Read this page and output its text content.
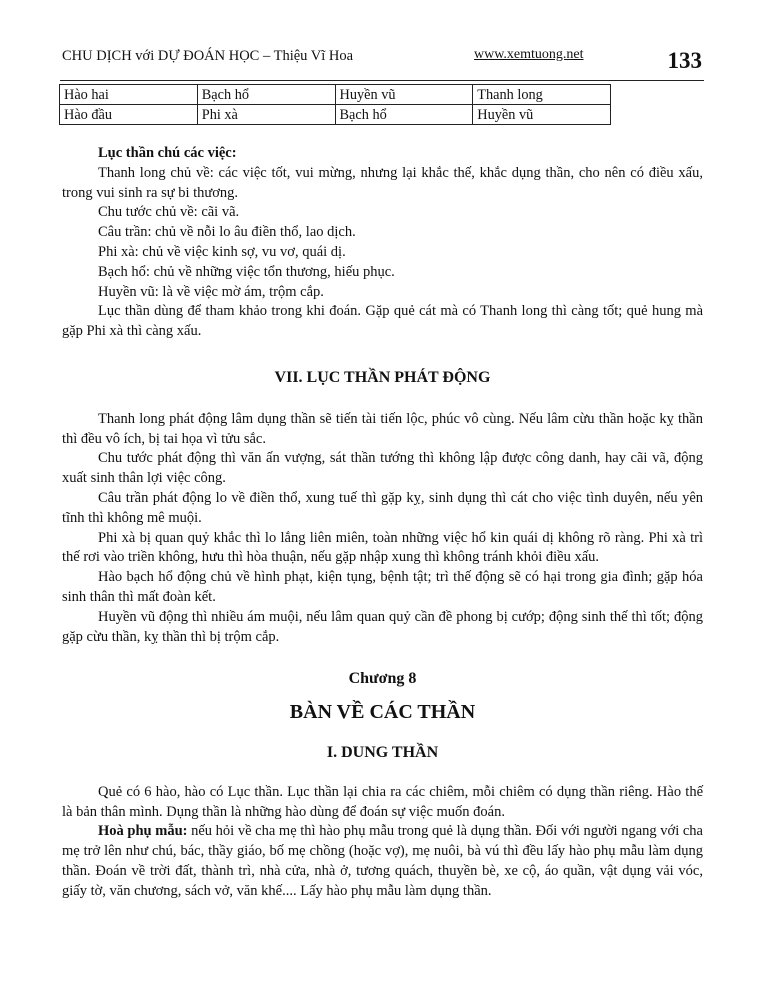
CHU DỊCH với DỰ ĐOÁN HỌC – Thiệu Vĩ Hoa	www.xemtuong.net	133
Hào hai	Bạch hổ	Huyền vũ	Thanh long
Hào đầu	Phi xà	Bạch hổ	Huyền vũ

Lục thần chú các việc:

Thanh long chủ về: các việc tốt, vui mừng, nhưng lại khắc thế, khắc dụng thần, cho nên có điều xấu, trong vui sinh ra sự bi thương.

Chu tước chủ về: cãi vã.

Câu trần: chủ về nỗi lo âu điền thổ, lao dịch.

Phi xà: chủ về việc kinh sợ, vu vơ, quái dị.

Bạch hổ: chủ về những việc tổn thương, hiếu phục.

Huyền vũ: là về việc mờ ám, trộm cắp.

Lục thần dùng để tham khảo trong khi đoán. Gặp quẻ cát mà có Thanh long thì càng tốt; quẻ hung mà gặp Phi xà thì càng xấu.

VII. LỤC THẦN PHÁT ĐỘNG

Thanh long phát động lâm dụng thần sẽ tiến tài tiến lộc, phúc vô cùng. Nếu lâm cừu thần hoặc kỵ thần thì đều vô ích, bị tai họa vì tửu sắc.

Chu tước phát động thì văn ấn vượng, sát thần tướng thì không lập được công danh, hay cãi vã, động xuất sinh thân lợi việc công.

Câu trần phát động lo về điền thổ, xung tuế thì gặp kỵ, sinh dụng thì cát cho việc tình duyên, nếu yên tĩnh thì không mê muội.

Phi xà bị quan quỷ khắc thì lo lắng liên miên, toàn những việc hổ kin quái dị không rõ ràng. Phi xà trì thế rơi vào triền không, hưu thì hòa thuận, nếu gặp nhập xung thì không tránh khỏi điều xấu.

Hào bạch hổ động chủ về hình phạt, kiện tụng, bệnh tật; trì thế động sẽ có hại trong gia đình; gặp hóa sinh thân thì mất đoàn kết.

Huyền vũ động thì nhiều ám muội, nếu lâm quan quỷ cần đề phong bị cướp; động sinh thế thì tốt; động gặp cừu thần, kỵ thần thì bị trộm cắp.

Chương 8
BÀN VỀ CÁC THẦN
I. DUNG THẦN

Quẻ có 6 hào, hào có Lục thần. Lục thần lại chia ra các chiêm, mỗi chiêm có dụng thần riêng. Hào thế là bản thân mình. Dụng thần là những hào dùng để đoán sự việc muốn đoán.

Hoà phụ mẫu: nếu hỏi về cha mẹ thì hào phụ mẫu trong quẻ là dụng thần. Đối với người ngang với cha mẹ trở lên như chú, bác, thầy giáo, bố mẹ chồng (hoặc vợ), mẹ nuôi, bà vú thì đều lấy hào phụ mẫu làm dụng thần. Đoán về trời đất, thành trì, nhà cửa, nhà ở, tương quách, thuyền bè, xe cộ, áo quần, vật dụng vải vóc, giấy tờ, văn chương, sách vở, văn khế.... Lấy hào phụ mẫu làm dụng thần.
